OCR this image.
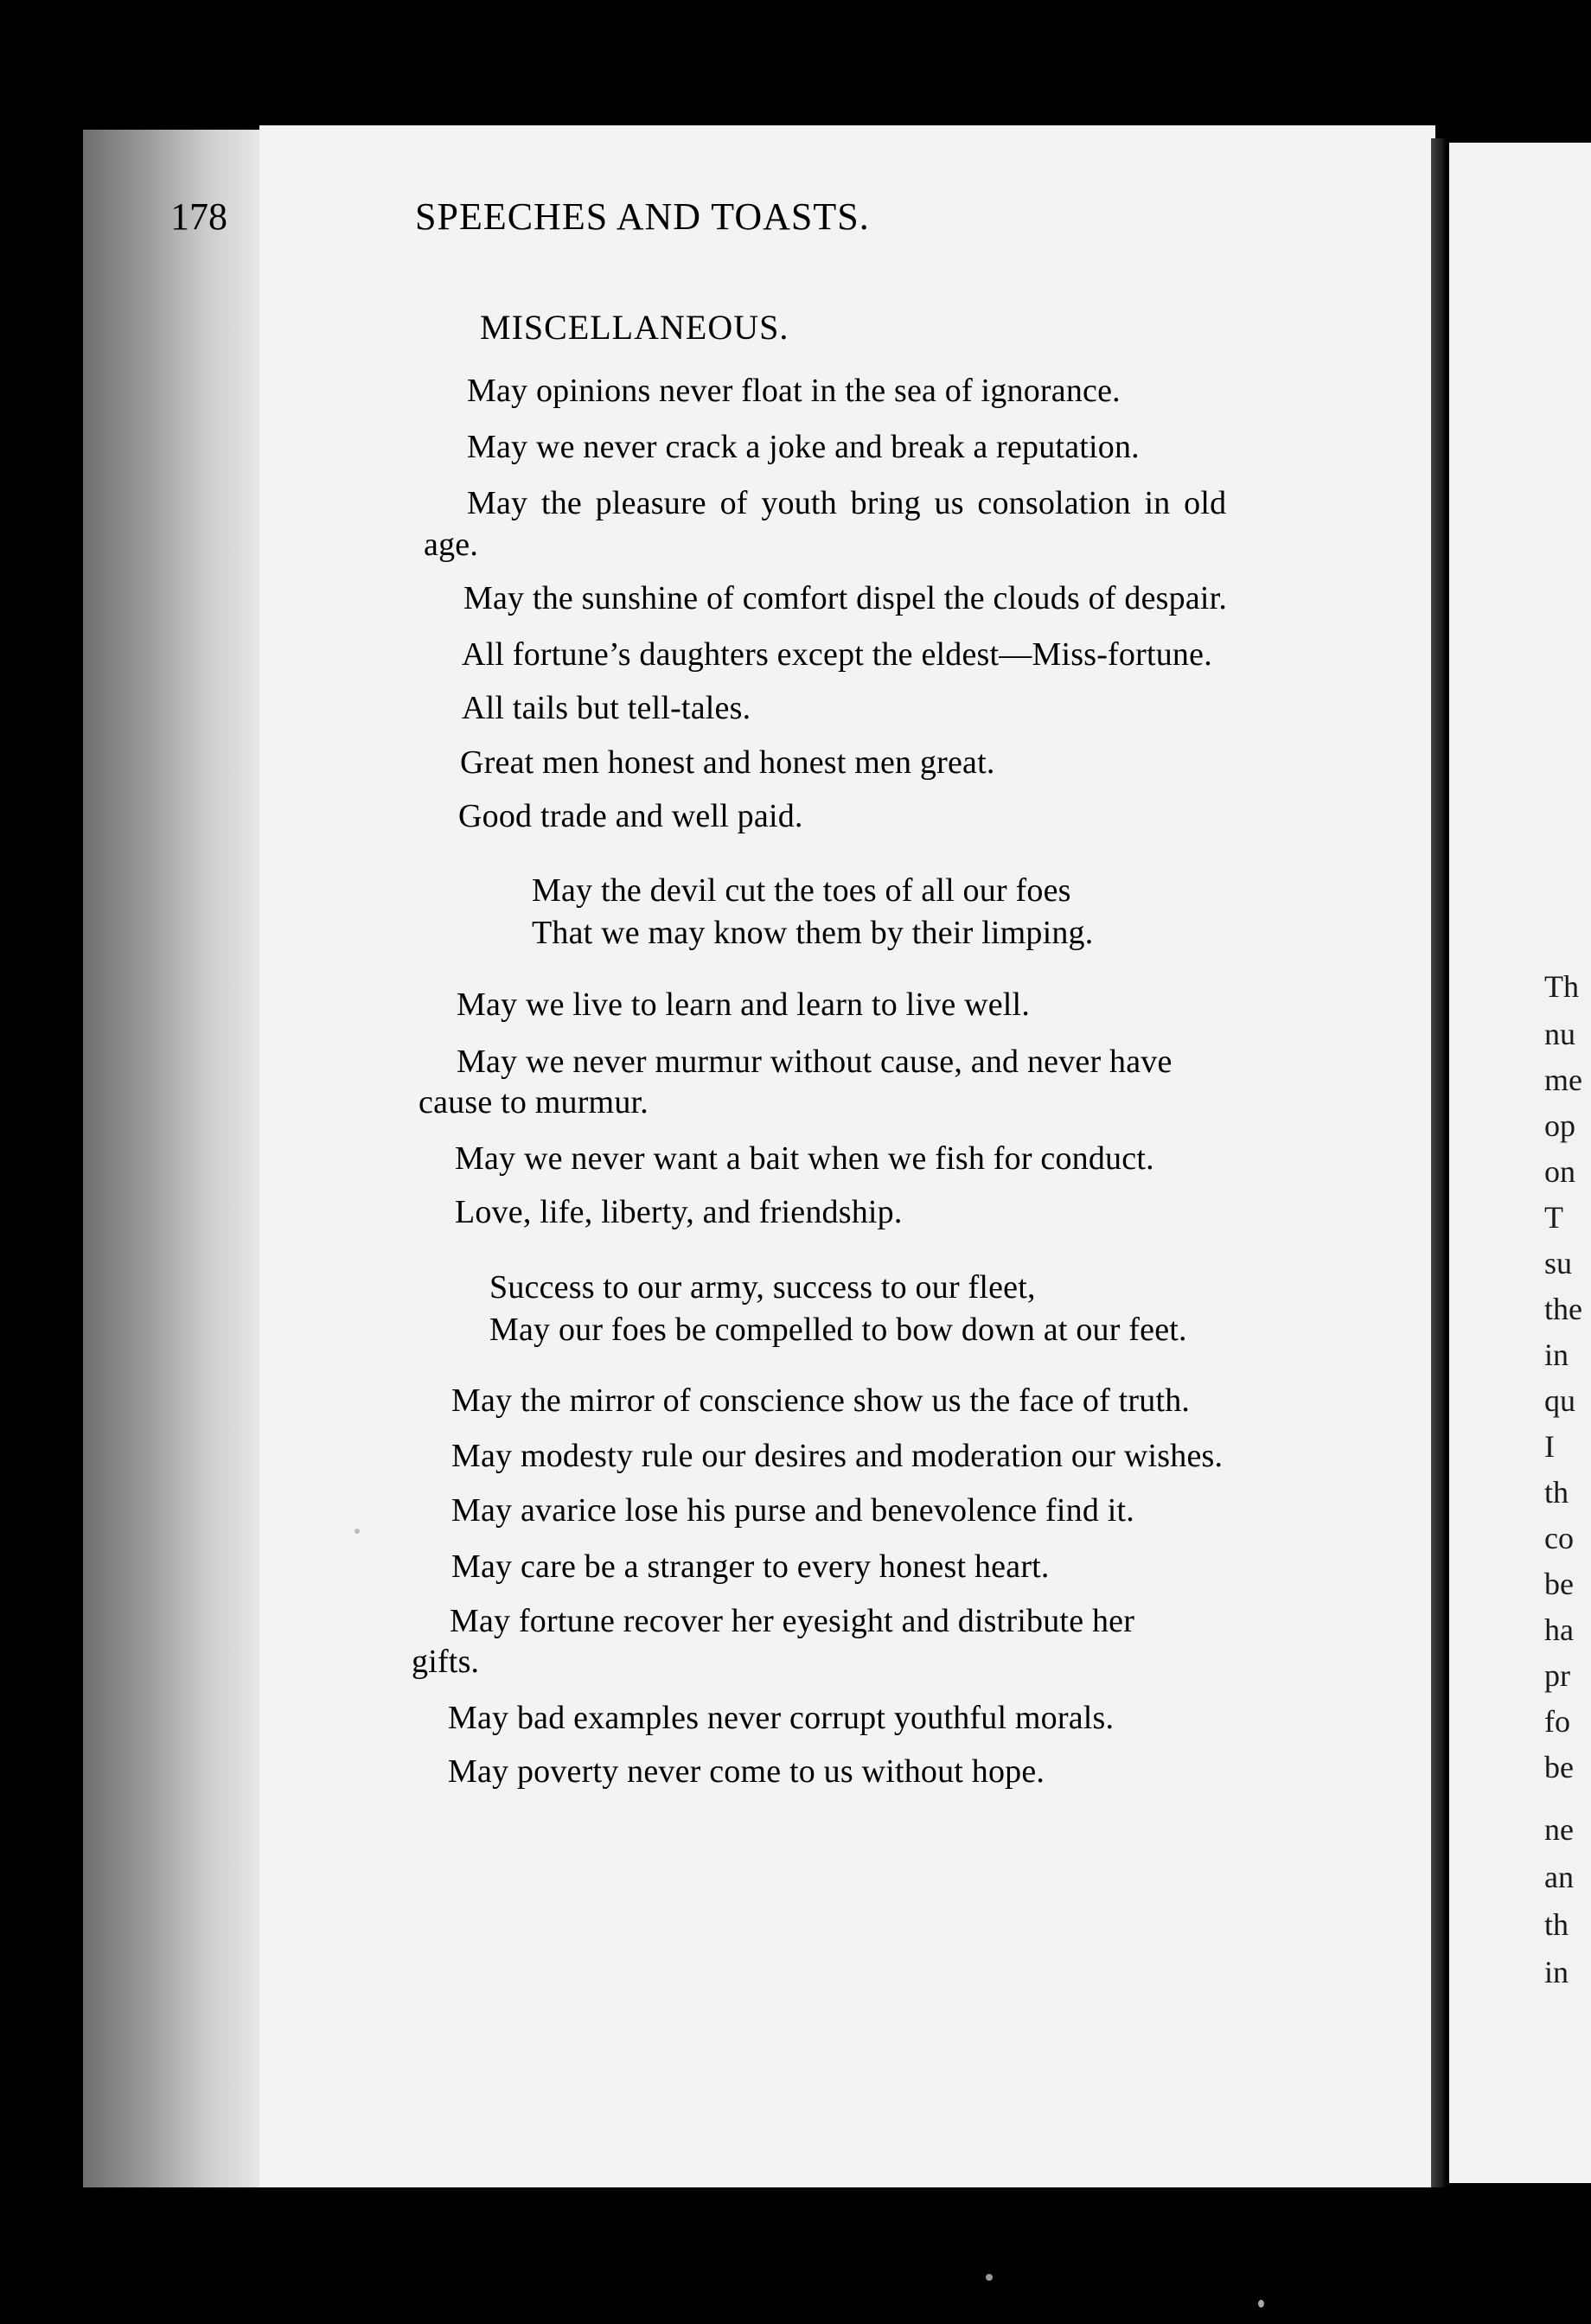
Th
nu
me
op
on
T
su
the
in
qu
I
th
co
be
ha
pr
fo
be
ne
an
th
in
178	SPEECHES AND TOASTS.
MISCELLANEOUS.
May opinions never float in the sea of ignorance.
May we never crack a joke and break a reputation.
May the pleasure of youth bring us consolation in old
age.
May the sunshine of comfort dispel the clouds of despair.
All fortune’s daughters except the eldest—Miss-fortune.
All tails but tell-tales.
Great men honest and honest men great.
Good trade and well paid.
May the devil cut the toes of all our foes
That we may know them by their limping.
May we live to learn and learn to live well.
May we never murmur without cause, and never have
cause to murmur.
May we never want a bait when we fish for conduct.
Love, life, liberty, and friendship.
Success to our army, success to our fleet,
May our foes be compelled to bow down at our feet.
May the mirror of conscience show us the face of truth.
May modesty rule our desires and moderation our wishes.
May avarice lose his purse and benevolence find it.
May care be a stranger to every honest heart.
May fortune recover her eyesight and distribute her
gifts.
May bad examples never corrupt youthful morals.
May poverty never come to us without hope.
